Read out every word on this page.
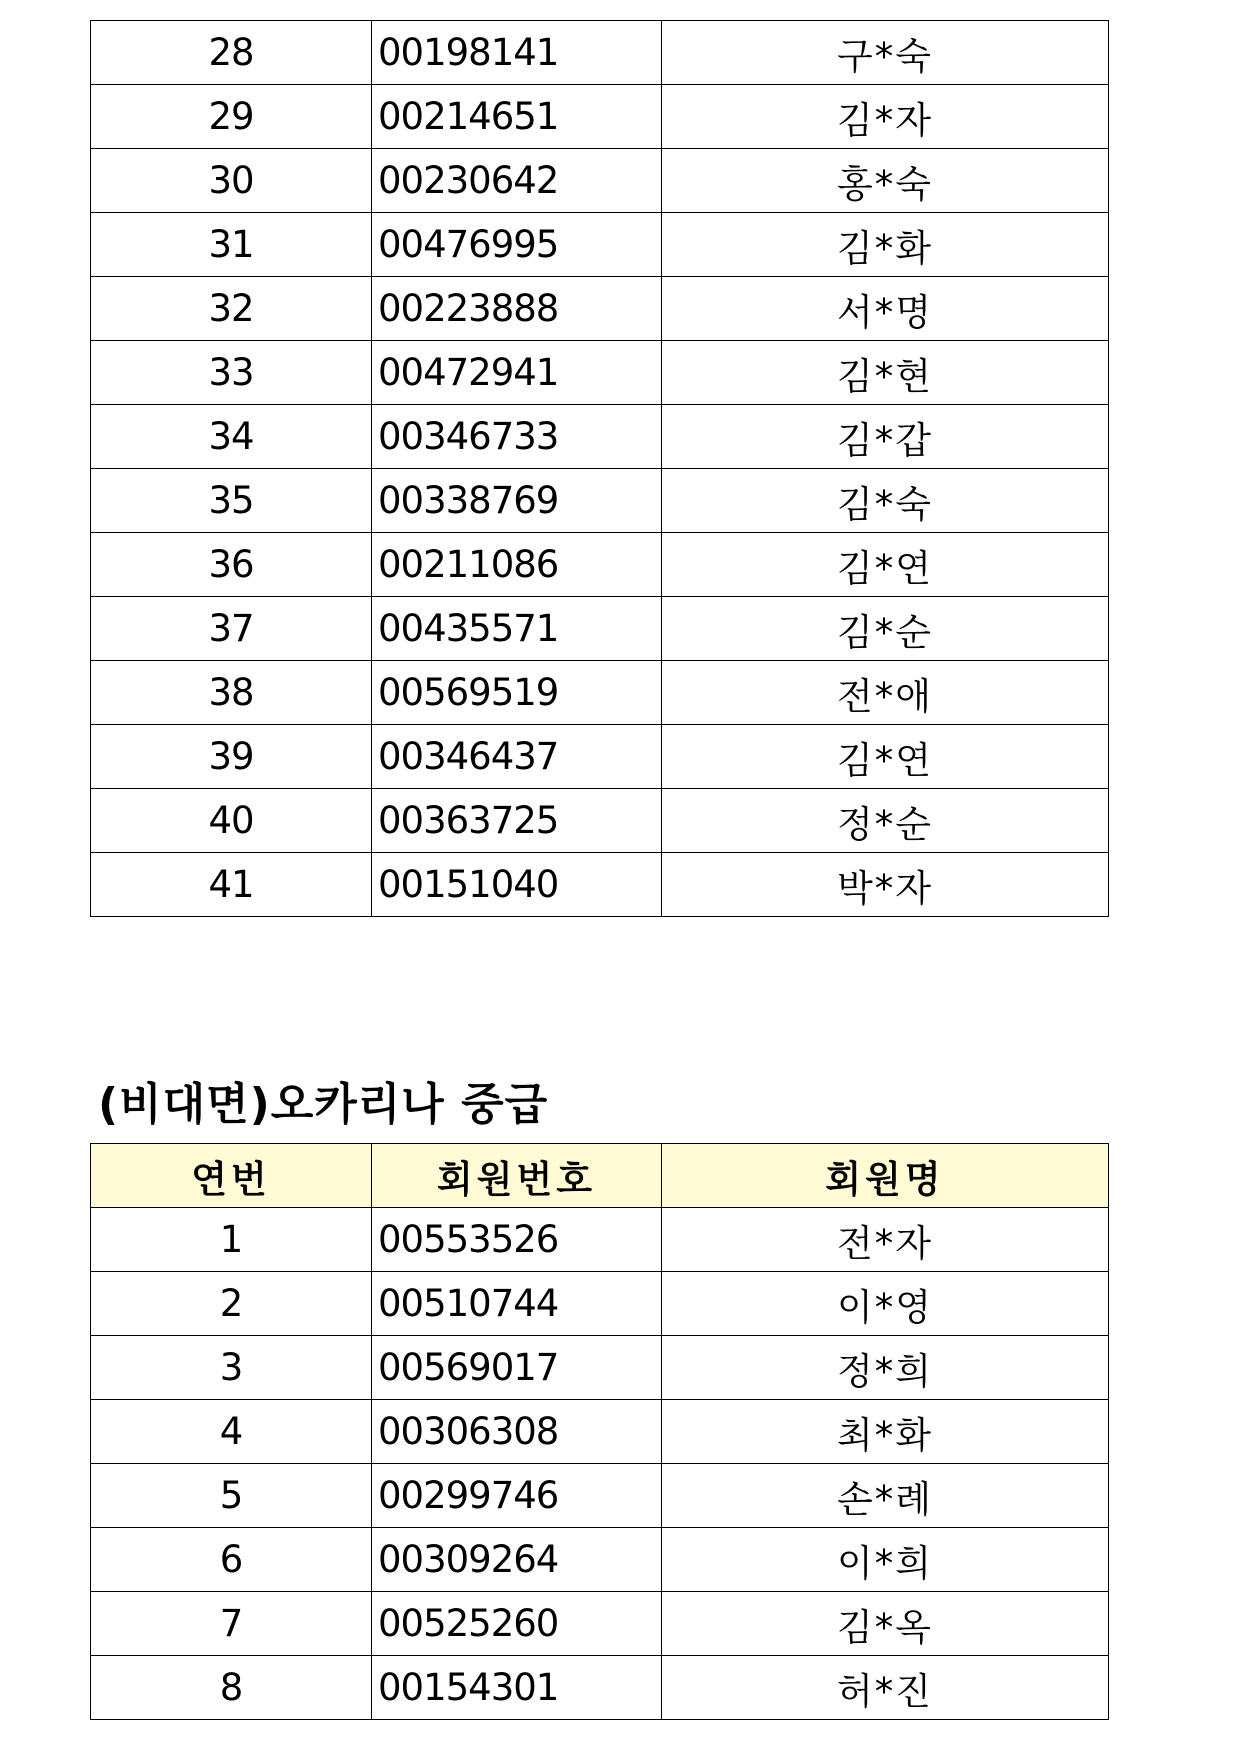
28	00198141	구*숙
29	00214651	김*자
30	00230642	홍*숙
31	00476995	김*화
32	00223888	서*명
33	00472941	김*현
34	00346733	김*갑
35	00338769	김*숙
36	00211086	김*연
37	00435571	김*순
38	00569519	전*애
39	00346437	김*연
40	00363725	정*순
41	00151040	박*자
(비대면)오카리나 중급
연번	회원번호	회원명
1	00553526	전*자
2	00510744	이*영
3	00569017	정*희
4	00306308	최*화
5	00299746	손*례
6	00309264	이*희
7	00525260	김*옥
8	00154301	허*진
